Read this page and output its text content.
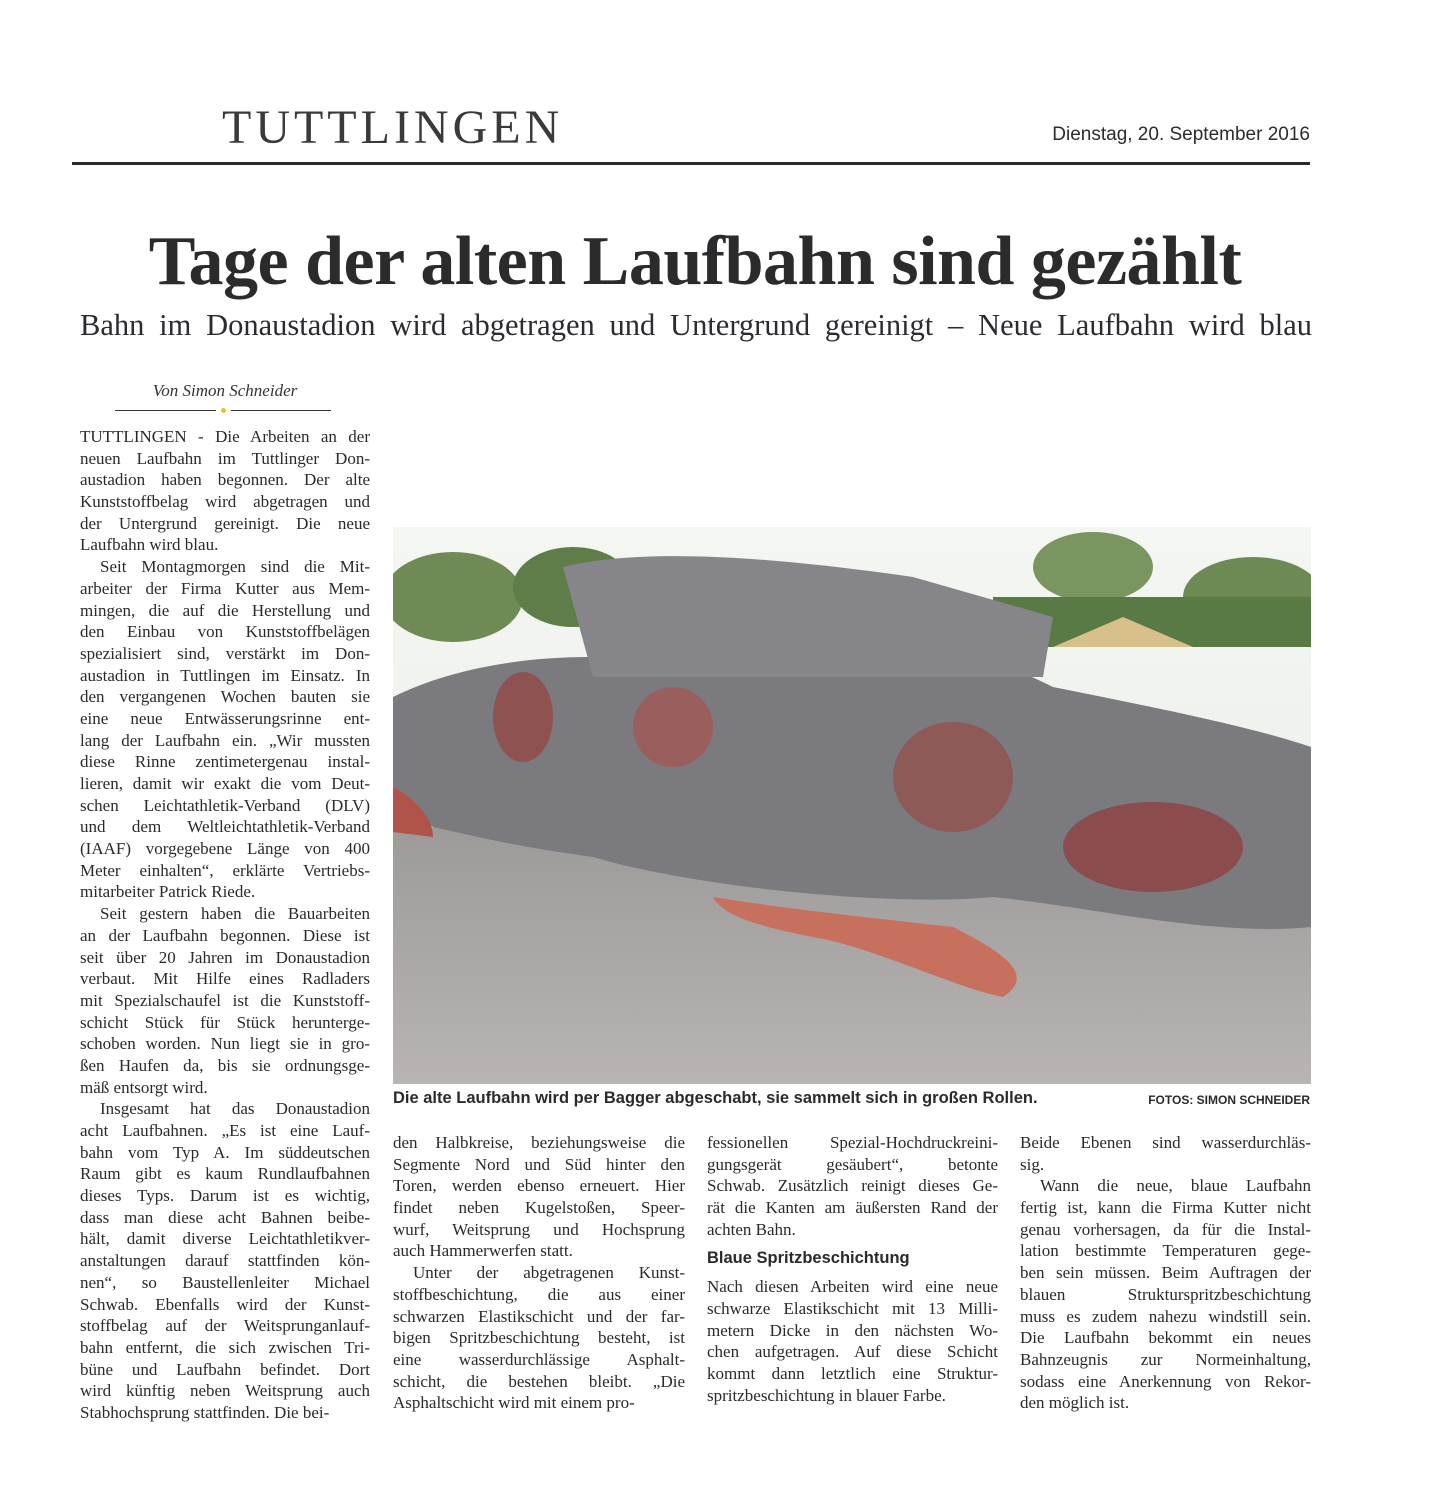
TUTTLINGEN	Dienstag, 20. September 2016
Tage der alten Laufbahn sind gezählt
Bahn im Donaustadion wird abgetragen und Untergrund gereinigt – Neue Laufbahn wird blau
Von Simon Schneider
TUTTLINGEN - Die Arbeiten an der
neuen Laufbahn im Tuttlinger Don-
austadion haben begonnen. Der alte
Kunststoffbelag wird abgetragen und
der Untergrund gereinigt. Die neue
Laufbahn wird blau.
Seit Montagmorgen sind die Mit-
arbeiter der Firma Kutter aus Mem-
mingen, die auf die Herstellung und
den Einbau von Kunststoffbelägen
spezialisiert sind, verstärkt im Don-
austadion in Tuttlingen im Einsatz. In
den vergangenen Wochen bauten sie
eine neue Entwässerungsrinne ent-
lang der Laufbahn ein. „Wir mussten
diese Rinne zentimetergenau instal-
lieren, damit wir exakt die vom Deut-
schen Leichtathletik-Verband (DLV)
und dem Weltleichtathletik-Verband
(IAAF) vorgegebene Länge von 400
Meter einhalten“, erklärte Vertriebs-
mitarbeiter Patrick Riede.
Seit gestern haben die Bauarbeiten
an der Laufbahn begonnen. Diese ist
seit über 20 Jahren im Donaustadion
verbaut. Mit Hilfe eines Radladers
mit Spezialschaufel ist die Kunststoff-
schicht Stück für Stück herunterge-
schoben worden. Nun liegt sie in gro-
ßen Haufen da, bis sie ordnungsge-
mäß entsorgt wird.
Insgesamt hat das Donaustadion
acht Laufbahnen. „Es ist eine Lauf-
bahn vom Typ A. Im süddeutschen
Raum gibt es kaum Rundlaufbahnen
dieses Typs. Darum ist es wichtig,
dass man diese acht Bahnen beibe-
hält, damit diverse Leichtathletikver-
anstaltungen darauf stattfinden kön-
nen“, so Baustellenleiter Michael
Schwab. Ebenfalls wird der Kunst-
stoffbelag auf der Weitsprunganlauf-
bahn entfernt, die sich zwischen Tri-
büne und Laufbahn befindet. Dort
wird künftig neben Weitsprung auch
Stabhochsprung stattfinden. Die bei-
den Halbkreise, beziehungsweise die
Segmente Nord und Süd hinter den
Toren, werden ebenso erneuert. Hier
findet neben Kugelstoßen, Speer-
wurf, Weitsprung und Hochsprung
auch Hammerwerfen statt.
Unter der abgetragenen Kunst-
stoffbeschichtung, die aus einer
schwarzen Elastikschicht und der far-
bigen Spritzbeschichtung besteht, ist
eine wasserdurchlässige Asphalt-
schicht, die bestehen bleibt. „Die
Asphaltschicht wird mit einem pro-
fessionellen Spezial-Hochdruckreini-
gungsgerät gesäubert“, betonte
Schwab. Zusätzlich reinigt dieses Ge-
rät die Kanten am äußersten Rand der
achten Bahn.
Blaue Spritzbeschichtung
Nach diesen Arbeiten wird eine neue
schwarze Elastikschicht mit 13 Milli-
metern Dicke in den nächsten Wo-
chen aufgetragen. Auf diese Schicht
kommt dann letztlich eine Struktur-
spritzbeschichtung in blauer Farbe.
Beide Ebenen sind wasserdurchläs-
sig.
Wann die neue, blaue Laufbahn
fertig ist, kann die Firma Kutter nicht
genau vorhersagen, da für die Instal-
lation bestimmte Temperaturen gege-
ben sein müssen. Beim Auftragen der
blauen Strukturspritzbeschichtung
muss es zudem nahezu windstill sein.
Die Laufbahn bekommt ein neues
Bahnzeugnis zur Normeinhaltung,
sodass eine Anerkennung von Rekor-
den möglich ist.
Die alte Laufbahn wird per Bagger abgeschabt, sie sammelt sich in großen Rollen.	FOTOS: SIMON SCHNEIDER
